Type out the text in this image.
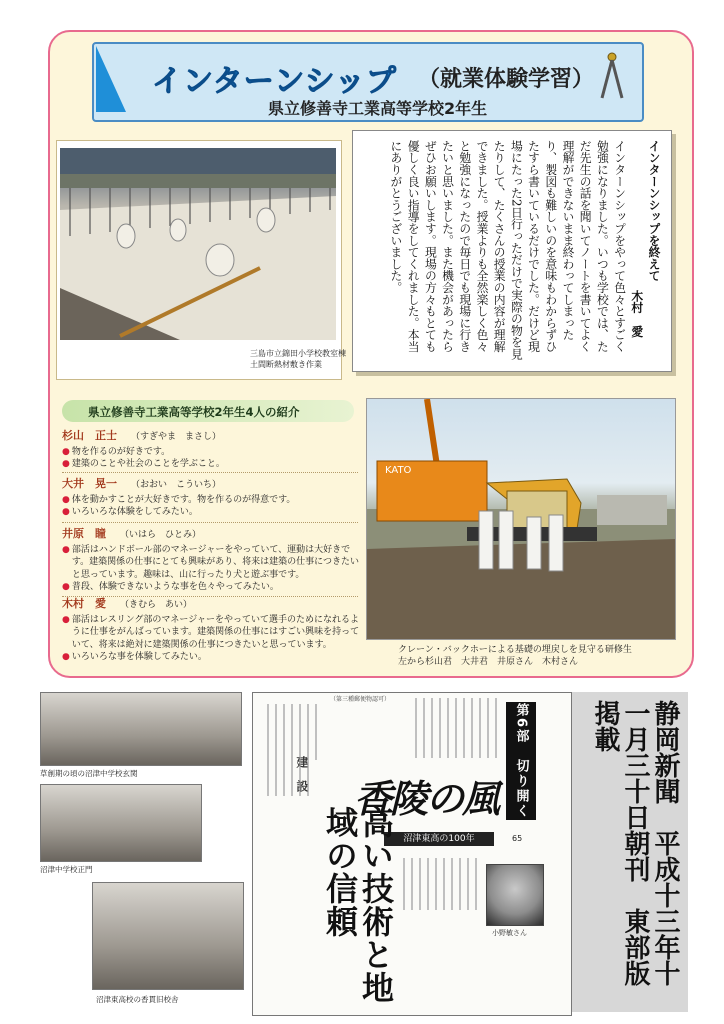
インターンシップ （就業体験学習）
県立修善寺工業高等学校2年生
三島市立錦田小学校教室棟
土間断熱材敷き作業
インターンシップを終えて
木村　愛
インターンシップをやって色々とすごく勉強になりました。いつも学校では、ただ先生の話を聞いてノートを書いてよく理解ができないまま終わってしまったり、製図も難しいのを意味もわからずひたすら書いているだけでした。だけど現場にたった2日行っただけで実際の物を見たりして、たくさんの授業の内容が理解できました。授業よりも全然楽しく色々と勉強になったので毎日でも現場に行きたいと思いました。また機会があったらぜひお願いします。現場の方々もとても優しく良い指導をしてくれました。本当にありがとうございました。
県立修善寺工業高等学校2年生4人の紹介
杉山　正士 （すぎやま　まさし）
● 物を作るのが好きです。
● 建築のことや社会のことを学ぶこと。
大井　晃一 （おおい　こういち）
● 体を動かすことが大好きです。物を作るのが得意です。
● いろいろな体験をしてみたい。
井原　瞳 （いはら　ひとみ）
● 部活はハンドボール部のマネージャーをやっていて、運動は大好きです。建築関係の仕事にとても興味があり、将来は建築の仕事につきたいと思っています。趣味は、山に行ったり犬と遊ぶ事です。
● 普段、体験できないような事を色々やってみたい。
木村　愛 （きむら　あい）
● 部活はレスリング部のマネージャーをやっていて選手のためになれるように仕事をがんばっています。建築関係の仕事にはすごい興味を持っていて、将来は絶対に建築関係の仕事につきたいと思っています。
● いろいろな事を体験してみたい。
KATO
クレーン・バックホーによる基礎の埋戻しを見守る研修生
左から杉山君　大井君　井原さん　木村さん
草創期の頃の沼津中学校玄関
沼津中学校正門
沼津東高校の香貫旧校舎
（第三種郵便物認可）
第6部　切り開く
香陵の風
沼津東高の100年	65
建　設
高い技術と地域の信頼	小野敏さん	静岡新聞　平成十三年十一月三十日朝刊　東部版掲載
